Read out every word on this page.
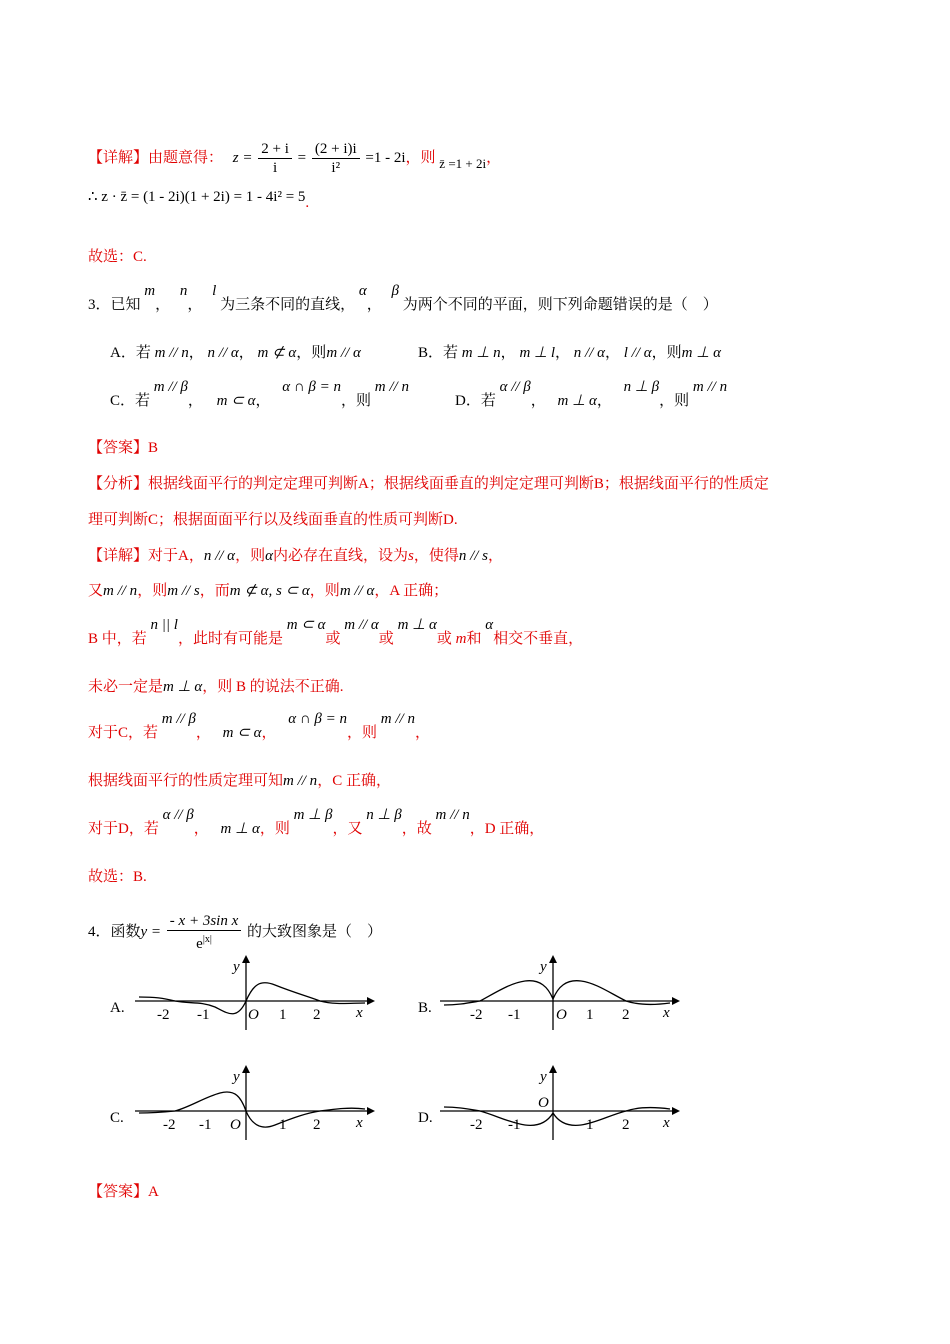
【详解】由题意得： $z = \frac{2 + i}{i} = \frac{(2 + i)i}{\text{i²}} =1 - 2i$，则 z̄ =1 + 2i，
∴ z · z̄ = (1 - 2i)(1 + 2i) = 1 - 4i² = 5.
故选：C.
3．已知 m， n， l 为三条不同的直线， α， β 为两个不同的平面，则下列命题错误的是（　）
A．若 m // n， n // α， m ⊄ α，则m // α	B．若 m ⊥ n， m ⊥ l， n // α， l // α，则m ⊥ α
C．若 m // β， m ⊂ α， α ∩ β = n，则 m // n
D．若 α // β， m ⊥ α， n ⊥ β，则 m // n
【答案】B
【分析】根据线面平行的判定定理可判断A；根据线面垂直的判定定理可判断B；根据线面平行的性质定
理可判断C；根据面面平行以及线面垂直的性质可判断D.
【详解】对于A，n // α，则α内必存在直线，设为s，使得n // s，
又m // n，则m // s，而m ⊄ α, s ⊂ α，则m // α，A 正确；
B 中，若 n || l，此时有可能是 m ⊂ α或 m // α或 m ⊥ α或 m和 α相交不垂直，
未必一定是m ⊥ α，则 B 的说法不正确.
对于C，若 m // β， m ⊂ α， α ∩ β = n，则 m // n，
根据线面平行的性质定理可知m // n，C 正确，
对于D，若 α // β， m ⊥ α，则 m ⊥ β，又 n ⊥ β，故 m // n，D 正确，
故选：B.
4．函数$y = \frac{\text{- x + 3sin x}}{e^{|x|}}$ 的大致图象是（　）
A.	B.
C.	D.
-2 -1	O 1 2 x
y
-2 -1 O 1 2 x
y
-2 -1 O	1 2 x
y
-2 -1
O
1 2 x
y
【答案】A
